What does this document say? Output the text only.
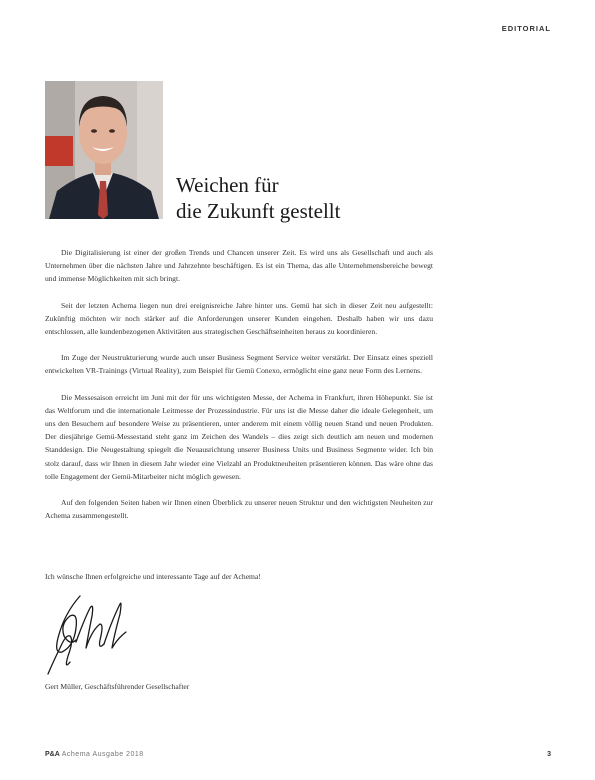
EDITORIAL
Weichen für
die Zukunft gestellt

Die Digitalisierung ist einer der großen Trends und Chancen unserer Zeit. Es wird uns als Gesellschaft und auch als Unternehmen über die nächsten Jahre und Jahrzehnte beschäftigen. Es ist ein Thema, das alle Unternehmensbereiche bewegt und immense Möglichkeiten mit sich bringt.

Seit der letzten Achema liegen nun drei ereignisreiche Jahre hinter uns. Gemü hat sich in dieser Zeit neu aufgestellt: Zukünftig möchten wir noch stärker auf die Anforderungen unserer Kunden eingehen. Deshalb haben wir uns dazu entschlossen, alle kundenbezogenen Aktivitäten aus strategischen Geschäftseinheiten heraus zu koordinieren.

Im Zuge der Neustrukturierung wurde auch unser Business Segment Service weiter verstärkt. Der Einsatz eines speziell entwickelten VR-Trainings (Virtual Reality), zum Beispiel für Gemü Conexo, ermöglicht eine ganz neue Form des Lernens.

Die Messesaison erreicht im Juni mit der für uns wichtigsten Messe, der Achema in Frankfurt, ihren Höhepunkt. Sie ist das Weltforum und die internationale Leitmesse der Prozessindustrie. Für uns ist die Messe daher die ideale Gelegenheit, um uns den Besuchern auf besondere Weise zu präsentieren, unter anderem mit einem völlig neuen Stand und neuen Produkten. Der diesjährige Gemü-Messestand steht ganz im Zeichen des Wandels – dies zeigt sich deutlich am neuen und modernen Standdesign. Die Neugestaltung spiegelt die Neuausrichtung unserer Business Units und Business Segmente wider. Ich bin stolz darauf, dass wir Ihnen in diesem Jahr wieder eine Vielzahl an Produktneuheiten präsentieren können. Das wäre ohne das tolle Engagement der Gemü-Mitarbeiter nicht möglich gewesen.

Auf den folgenden Seiten haben wir Ihnen einen Überblick zu unserer neuen Struktur und den wichtigsten Neuheiten zur Achema zusammengestellt.

Ich wünsche Ihnen erfolgreiche und interessante Tage auf der Achema!
Gert Müller, Geschäftsführender Gesellschafter
P&A Achema Ausgabe 2018	3
